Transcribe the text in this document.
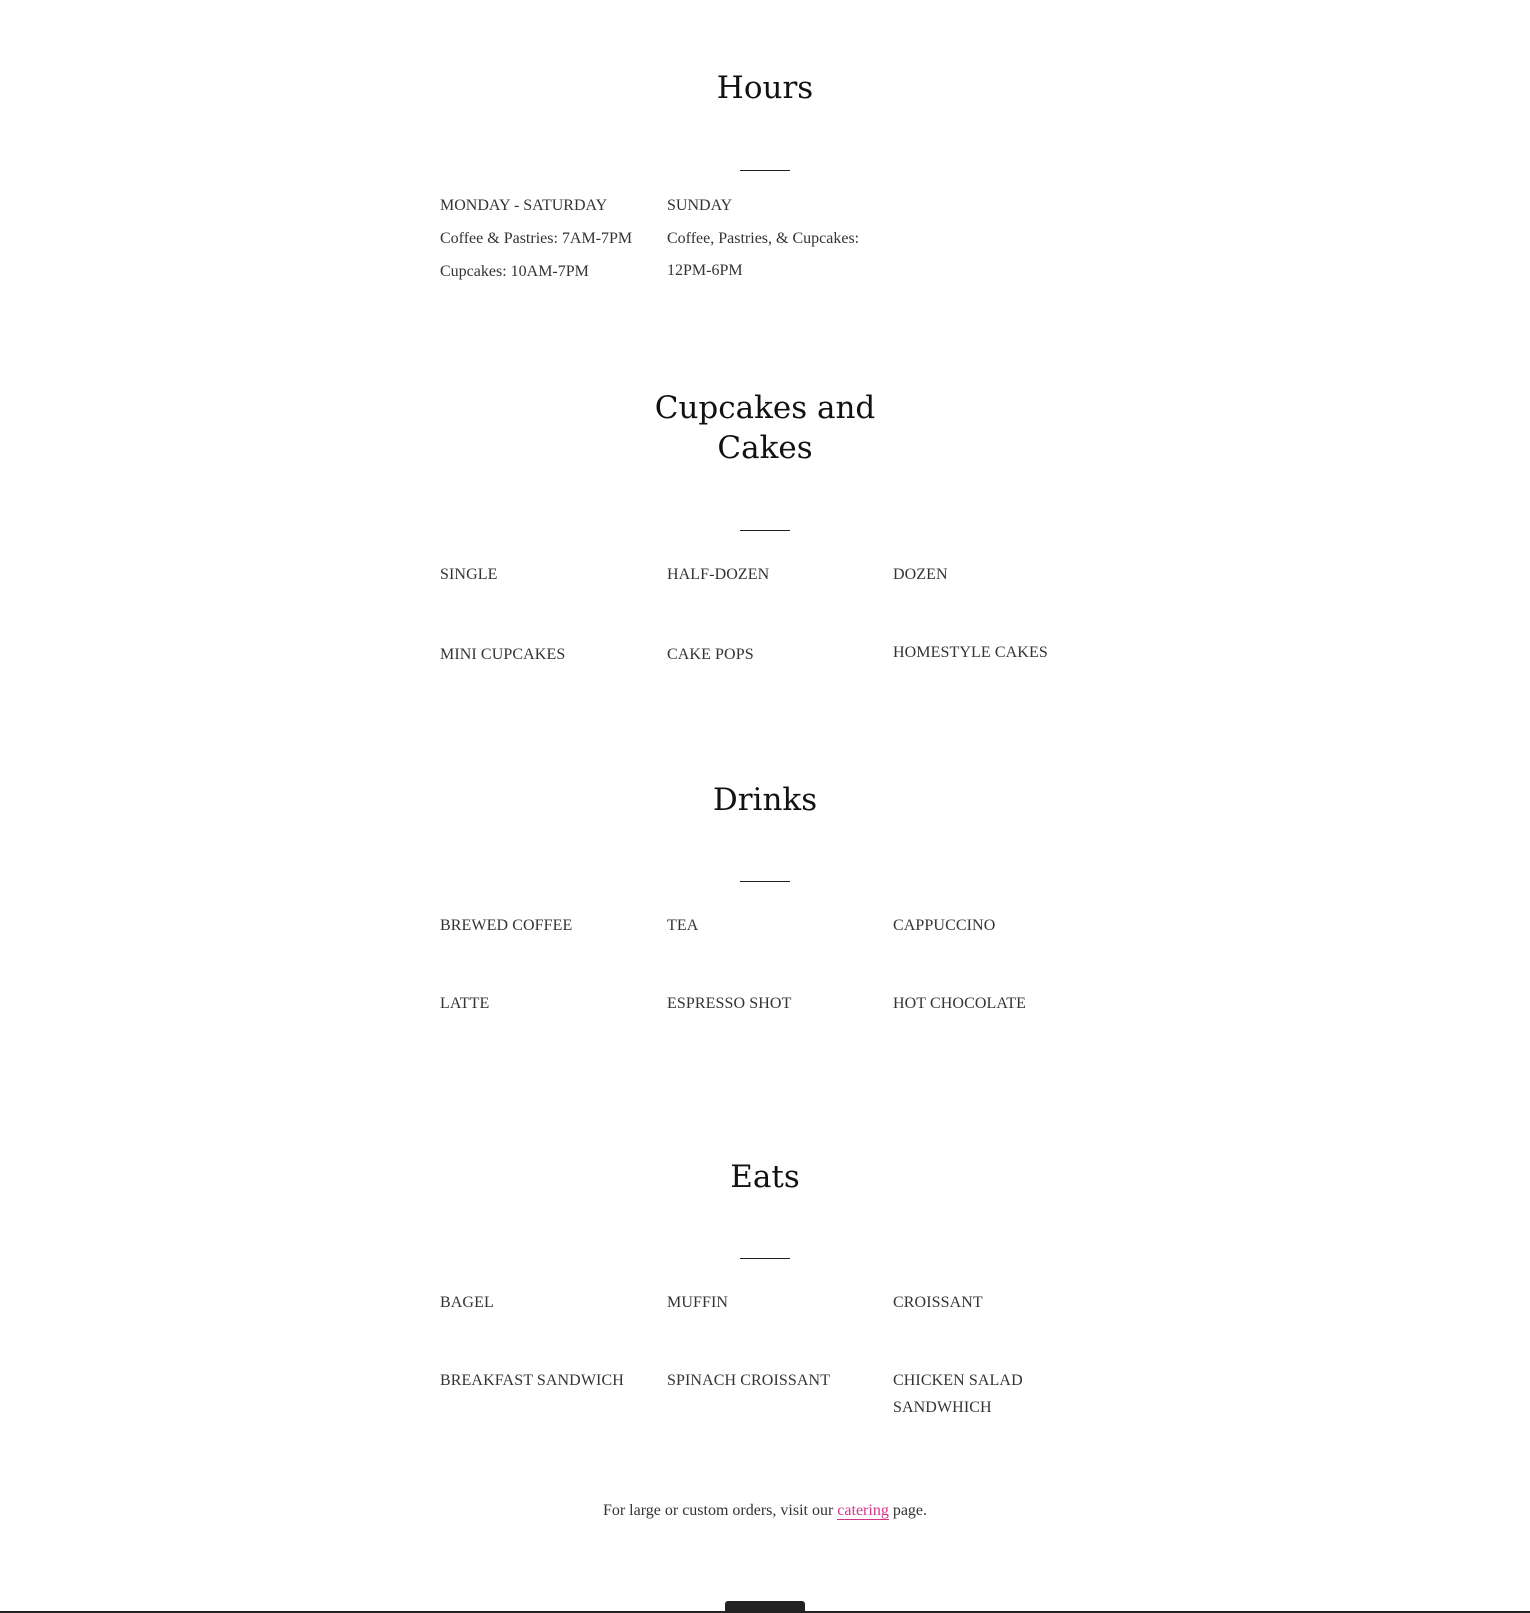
Hours
MONDAY - SATURDAY
Coffee & Pastries: 7AM-7PM
Cupcakes: 10AM-7PM
SUNDAY
Coffee, Pastries, & Cupcakes:
12PM-6PM
Cupcakes and Cakes
SINGLE	HALF-DOZEN	DOZEN
MINI CUPCAKES	CAKE POPS	HOMESTYLE CAKES
Drinks
BREWED COFFEE	TEA	CAPPUCCINO
LATTE	ESPRESSO SHOT	HOT CHOCOLATE
Eats
BAGEL	MUFFIN	CROISSANT
BREAKFAST SANDWICH	SPINACH CROISSANT	CHICKEN SALAD SANDWHICH
For large or custom orders, visit our catering page.
